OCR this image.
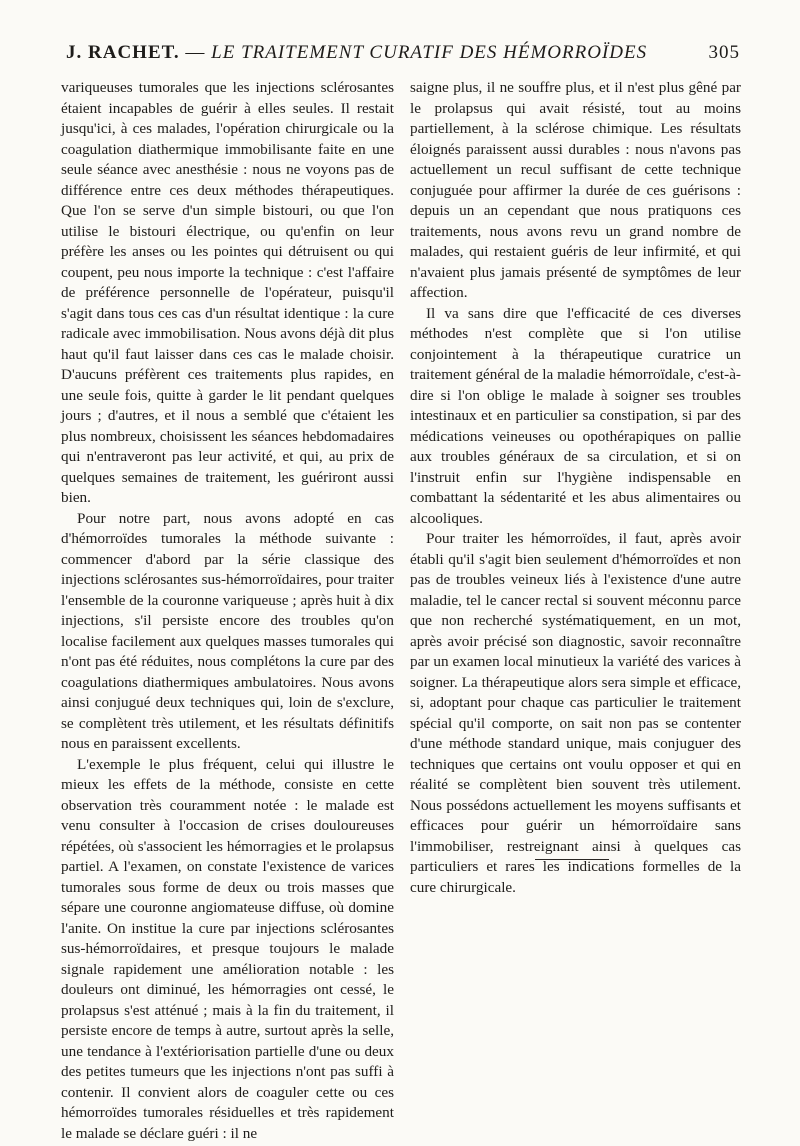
J. RACHET. — LE TRAITEMENT CURATIF DES HÉMORROÏDES	305

variqueuses tumorales que les injections sclérosantes étaient incapables de guérir à elles seules. Il restait jusqu'ici, à ces malades, l'opération chirurgicale ou la coagulation diathermique immobilisante faite en une seule séance avec anesthésie : nous ne voyons pas de différence entre ces deux méthodes thérapeutiques. Que l'on se serve d'un simple bistouri, ou que l'on utilise le bistouri électrique, ou qu'enfin on leur préfère les anses ou les pointes qui détruisent ou qui coupent, peu nous importe la technique : c'est l'affaire de préférence personnelle de l'opérateur, puisqu'il s'agit dans tous ces cas d'un résultat identique : la cure radicale avec immobilisation. Nous avons déjà dit plus haut qu'il faut laisser dans ces cas le malade choisir. D'aucuns préfèrent ces traitements plus rapides, en une seule fois, quitte à garder le lit pendant quelques jours ; d'autres, et il nous a semblé que c'étaient les plus nombreux, choisissent les séances hebdomadaires qui n'entraveront pas leur activité, et qui, au prix de quelques semaines de traitement, les guériront aussi bien.

Pour notre part, nous avons adopté en cas d'hémorroïdes tumorales la méthode suivante : commencer d'abord par la série classique des injections sclérosantes sus-hémorroïdaires, pour traiter l'ensemble de la couronne variqueuse ; après huit à dix injections, s'il persiste encore des troubles qu'on localise facilement aux quelques masses tumorales qui n'ont pas été réduites, nous complétons la cure par des coagulations diathermiques ambulatoires. Nous avons ainsi conjugué deux techniques qui, loin de s'exclure, se complètent très utilement, et les résultats définitifs nous en paraissent excellents.

L'exemple le plus fréquent, celui qui illustre le mieux les effets de la méthode, consiste en cette observation très couramment notée : le malade est venu consulter à l'occasion de crises douloureuses répétées, où s'associent les hémorragies et le prolapsus partiel. A l'examen, on constate l'existence de varices tumorales sous forme de deux ou trois masses que sépare une couronne angiomateuse diffuse, où domine l'anite. On institue la cure par injections sclérosantes sus-hémorroïdaires, et presque toujours le malade signale rapidement une amélioration notable : les douleurs ont diminué, les hémorragies ont cessé, le prolapsus s'est atténué ; mais à la fin du traitement, il persiste encore de temps à autre, surtout après la selle, une tendance à l'extériorisation partielle d'une ou deux des petites tumeurs que les injections n'ont pas suffi à contenir. Il convient alors de coaguler cette ou ces hémorroïdes tumorales résiduelles et très rapidement le malade se déclare guéri : il ne

saigne plus, il ne souffre plus, et il n'est plus gêné par le prolapsus qui avait résisté, tout au moins partiellement, à la sclérose chimique. Les résultats éloignés paraissent aussi durables : nous n'avons pas actuellement un recul suffisant de cette technique conjuguée pour affirmer la durée de ces guérisons : depuis un an cependant que nous pratiquons ces traitements, nous avons revu un grand nombre de malades, qui restaient guéris de leur infirmité, et qui n'avaient plus jamais présenté de symptômes de leur affection.

Il va sans dire que l'efficacité de ces diverses méthodes n'est complète que si l'on utilise conjointement à la thérapeutique curatrice un traitement général de la maladie hémorroïdale, c'est-à-dire si l'on oblige le malade à soigner ses troubles intestinaux et en particulier sa constipation, si par des médications veineuses ou opothérapiques on pallie aux troubles généraux de sa circulation, et si on l'instruit enfin sur l'hygiène indispensable en combattant la sédentarité et les abus alimentaires ou alcooliques.

Pour traiter les hémorroïdes, il faut, après avoir établi qu'il s'agit bien seulement d'hémorroïdes et non pas de troubles veineux liés à l'existence d'une autre maladie, tel le cancer rectal si souvent méconnu parce que non recherché systématiquement, en un mot, après avoir précisé son diagnostic, savoir reconnaître par un examen local minutieux la variété des varices à soigner. La thérapeutique alors sera simple et efficace, si, adoptant pour chaque cas particulier le traitement spécial qu'il comporte, on sait non pas se contenter d'une méthode standard unique, mais conjuguer des techniques que certains ont voulu opposer et qui en réalité se complètent bien souvent très utilement. Nous possédons actuellement les moyens suffisants et efficaces pour guérir un hémorroïdaire sans l'immobiliser, restreignant ainsi à quelques cas particuliers et rares les indications formelles de la cure chirurgicale.
